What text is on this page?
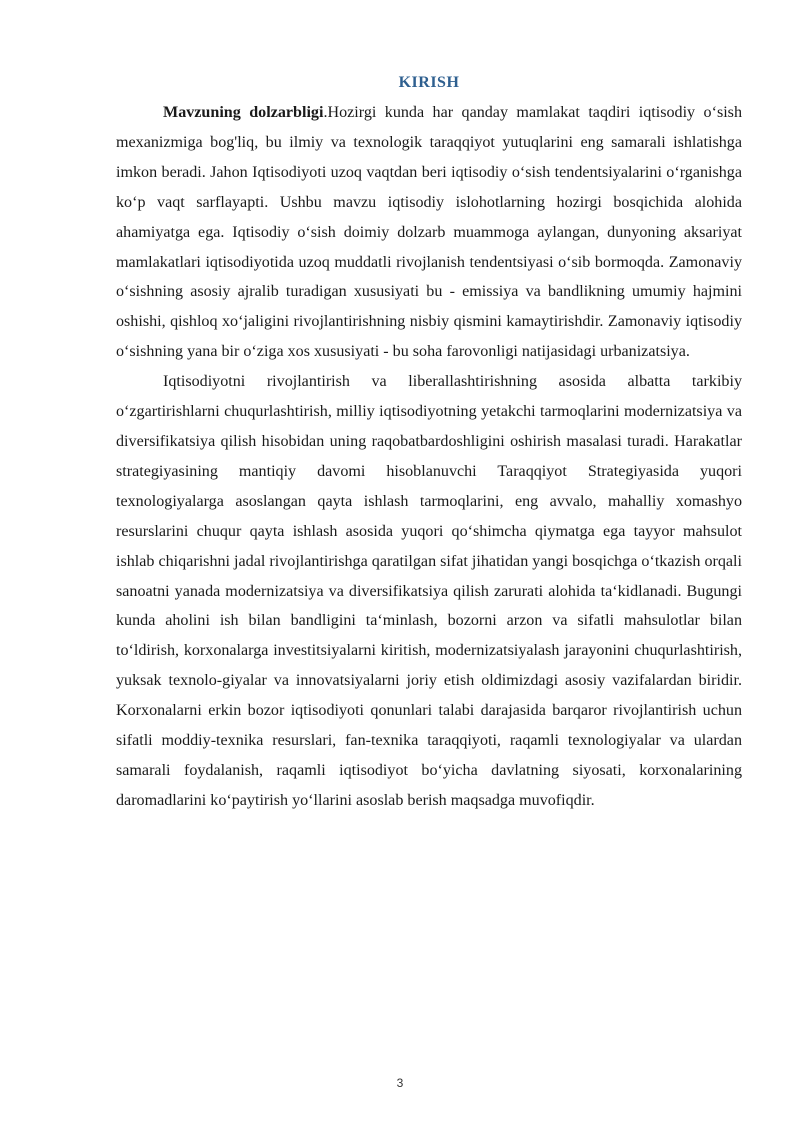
KIRISH

Mavzuning dolzarbligi.Hozirgi kunda har qanday mamlakat taqdiri iqtisodiy o‘sish mexanizmiga bog'liq, bu ilmiy va texnologik taraqqiyot yutuqlarini eng samarali ishlatishga imkon beradi. Jahon Iqtisodiyoti uzoq vaqtdan beri iqtisodiy o‘sish tendentsiyalarini o‘rganishga ko‘p vaqt sarflayapti. Ushbu mavzu iqtisodiy islohotlarning hozirgi bosqichida alohida ahamiyatga ega. Iqtisodiy o‘sish doimiy dolzarb muammoga aylangan, dunyoning aksariyat mamlakatlari iqtisodiyotida uzoq muddatli rivojlanish tendentsiyasi o‘sib bormoqda. Zamonaviy o‘sishning asosiy ajralib turadigan xususiyati bu - emissiya va bandlikning umumiy hajmini oshishi, qishloq xo‘jaligini rivojlantirishning nisbiy qismini kamaytirishdir. Zamonaviy iqtisodiy o‘sishning yana bir o‘ziga xos xususiyati - bu soha farovonligi natijasidagi urbanizatsiya.

Iqtisodiyotni rivojlantirish va liberallashtirishning asosida albatta tarkibiy o‘zgartirishlarni chuqurlashtirish, milliy iqtisodiyotning yetakchi tarmoqlarini modernizatsiya va diversifikatsiya qilish hisobidan uning raqobatbardoshligini oshirish masalasi turadi. Harakatlar strategiyasining mantiqiy davomi hisoblanuvchi Taraqqiyot Strategiyasida yuqori texnologiyalarga asoslangan qayta ishlash tarmoqlarini, eng avvalo, mahalliy xomashyo resurslarini chuqur qayta ishlash asosida yuqori qo‘shimcha qiymatga ega tayyor mahsulot ishlab chiqarishni jadal rivojlantirishga qaratilgan sifat jihatidan yangi bosqichga o‘tkazish orqali sanoatni yanada modernizatsiya va diversifikatsiya qilish zarurati alohida ta‘kidlanadi. Bugungi kunda aholini ish bilan bandligini ta‘minlash, bozorni arzon va sifatli mahsulotlar bilan to‘ldirish, korxonalarga investitsiyalarni kiritish, modernizatsiyalash jarayonini chuqurlashtirish, yuksak texnolo-giyalar va innovatsiyalarni joriy etish oldimizdagi asosiy vazifalardan biridir. Korxonalarni erkin bozor iqtisodiyoti qonunlari talabi darajasida barqaror rivojlantirish uchun sifatli moddiy-texnika resurslari, fan-texnika taraqqiyoti, raqamli texnologiyalar va ulardan samarali foydalanish, raqamli iqtisodiyot bo‘yicha davlatning siyosati, korxonalarining daromadlarini ko‘paytirish yo‘llarini asoslab berish maqsadga muvofiqdir.

3
